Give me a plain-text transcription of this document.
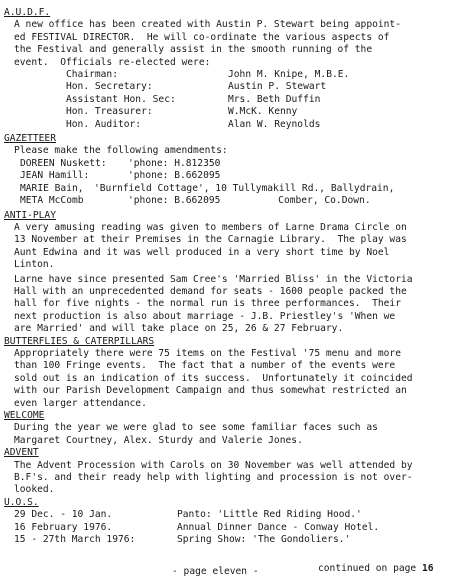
A.U.D.F.
A new office has been created with Austin P. Stewart being appoint-
ed FESTIVAL DIRECTOR.  He will co-ordinate the various aspects of
the Festival and generally assist in the smooth running of the
event.  Officials re-elected were:
Chairman:	John M. Knipe, M.B.E.
Hon. Secretary:	Austin P. Stewart
Assistant Hon. Sec:	Mrs. Beth Duffin
Hon. Treasurer:	W.McK. Kenny
Hon. Auditor:	Alan W. Reynolds
GAZETTEER
Please make the following amendments:
DOREEN Nuskett:	'phone: H.812350
JEAN Hamill:	'phone: B.662095
MARIE Bain,	'Burnfield Cottage', 10 Tullymakill Rd., Ballydrain,
META McComb	'phone: B.662095          Comber, Co.Down.
ANTI-PLAY
A very amusing reading was given to members of Larne Drama Circle on
13 November at their Premises in the Carnagie Library.  The play was
Aunt Edwina and it was well produced in a very short time by Noel
Linton.
Larne have since presented Sam Cree's 'Married Bliss' in the Victoria
Hall with an unprecedented demand for seats - 1600 people packed the
hall for five nights - the normal run is three performances.  Their
next production is also about marriage - J.B. Priestley's 'When we
are Married' and will take place on 25, 26 & 27 February.
BUTTERFLIES & CATERPILLARS
Appropriately there were 75 items on the Festival '75 menu and more
than 100 Fringe events.  The fact that a number of the events were
sold out is an indication of its success.  Unfortunately it coincided
with our Parish Development Campaign and thus somewhat restricted an
even larger attendance.
WELCOME
During the year we were glad to see some familiar faces such as
Margaret Courtney, Alex. Sturdy and Valerie Jones.
ADVENT
The Advent Procession with Carols on 30 November was well attended by
B.F's. and their ready help with lighting and procession is not over-
looked.
U.O.S.
29 Dec. - 10 Jan.	Panto: 'Little Red Riding Hood.'
16 February 1976.	Annual Dinner Dance - Conway Hotel.
15 - 27th March 1976:	Spring Show: 'The Gondoliers.'
- page eleven -	continued on page 16
